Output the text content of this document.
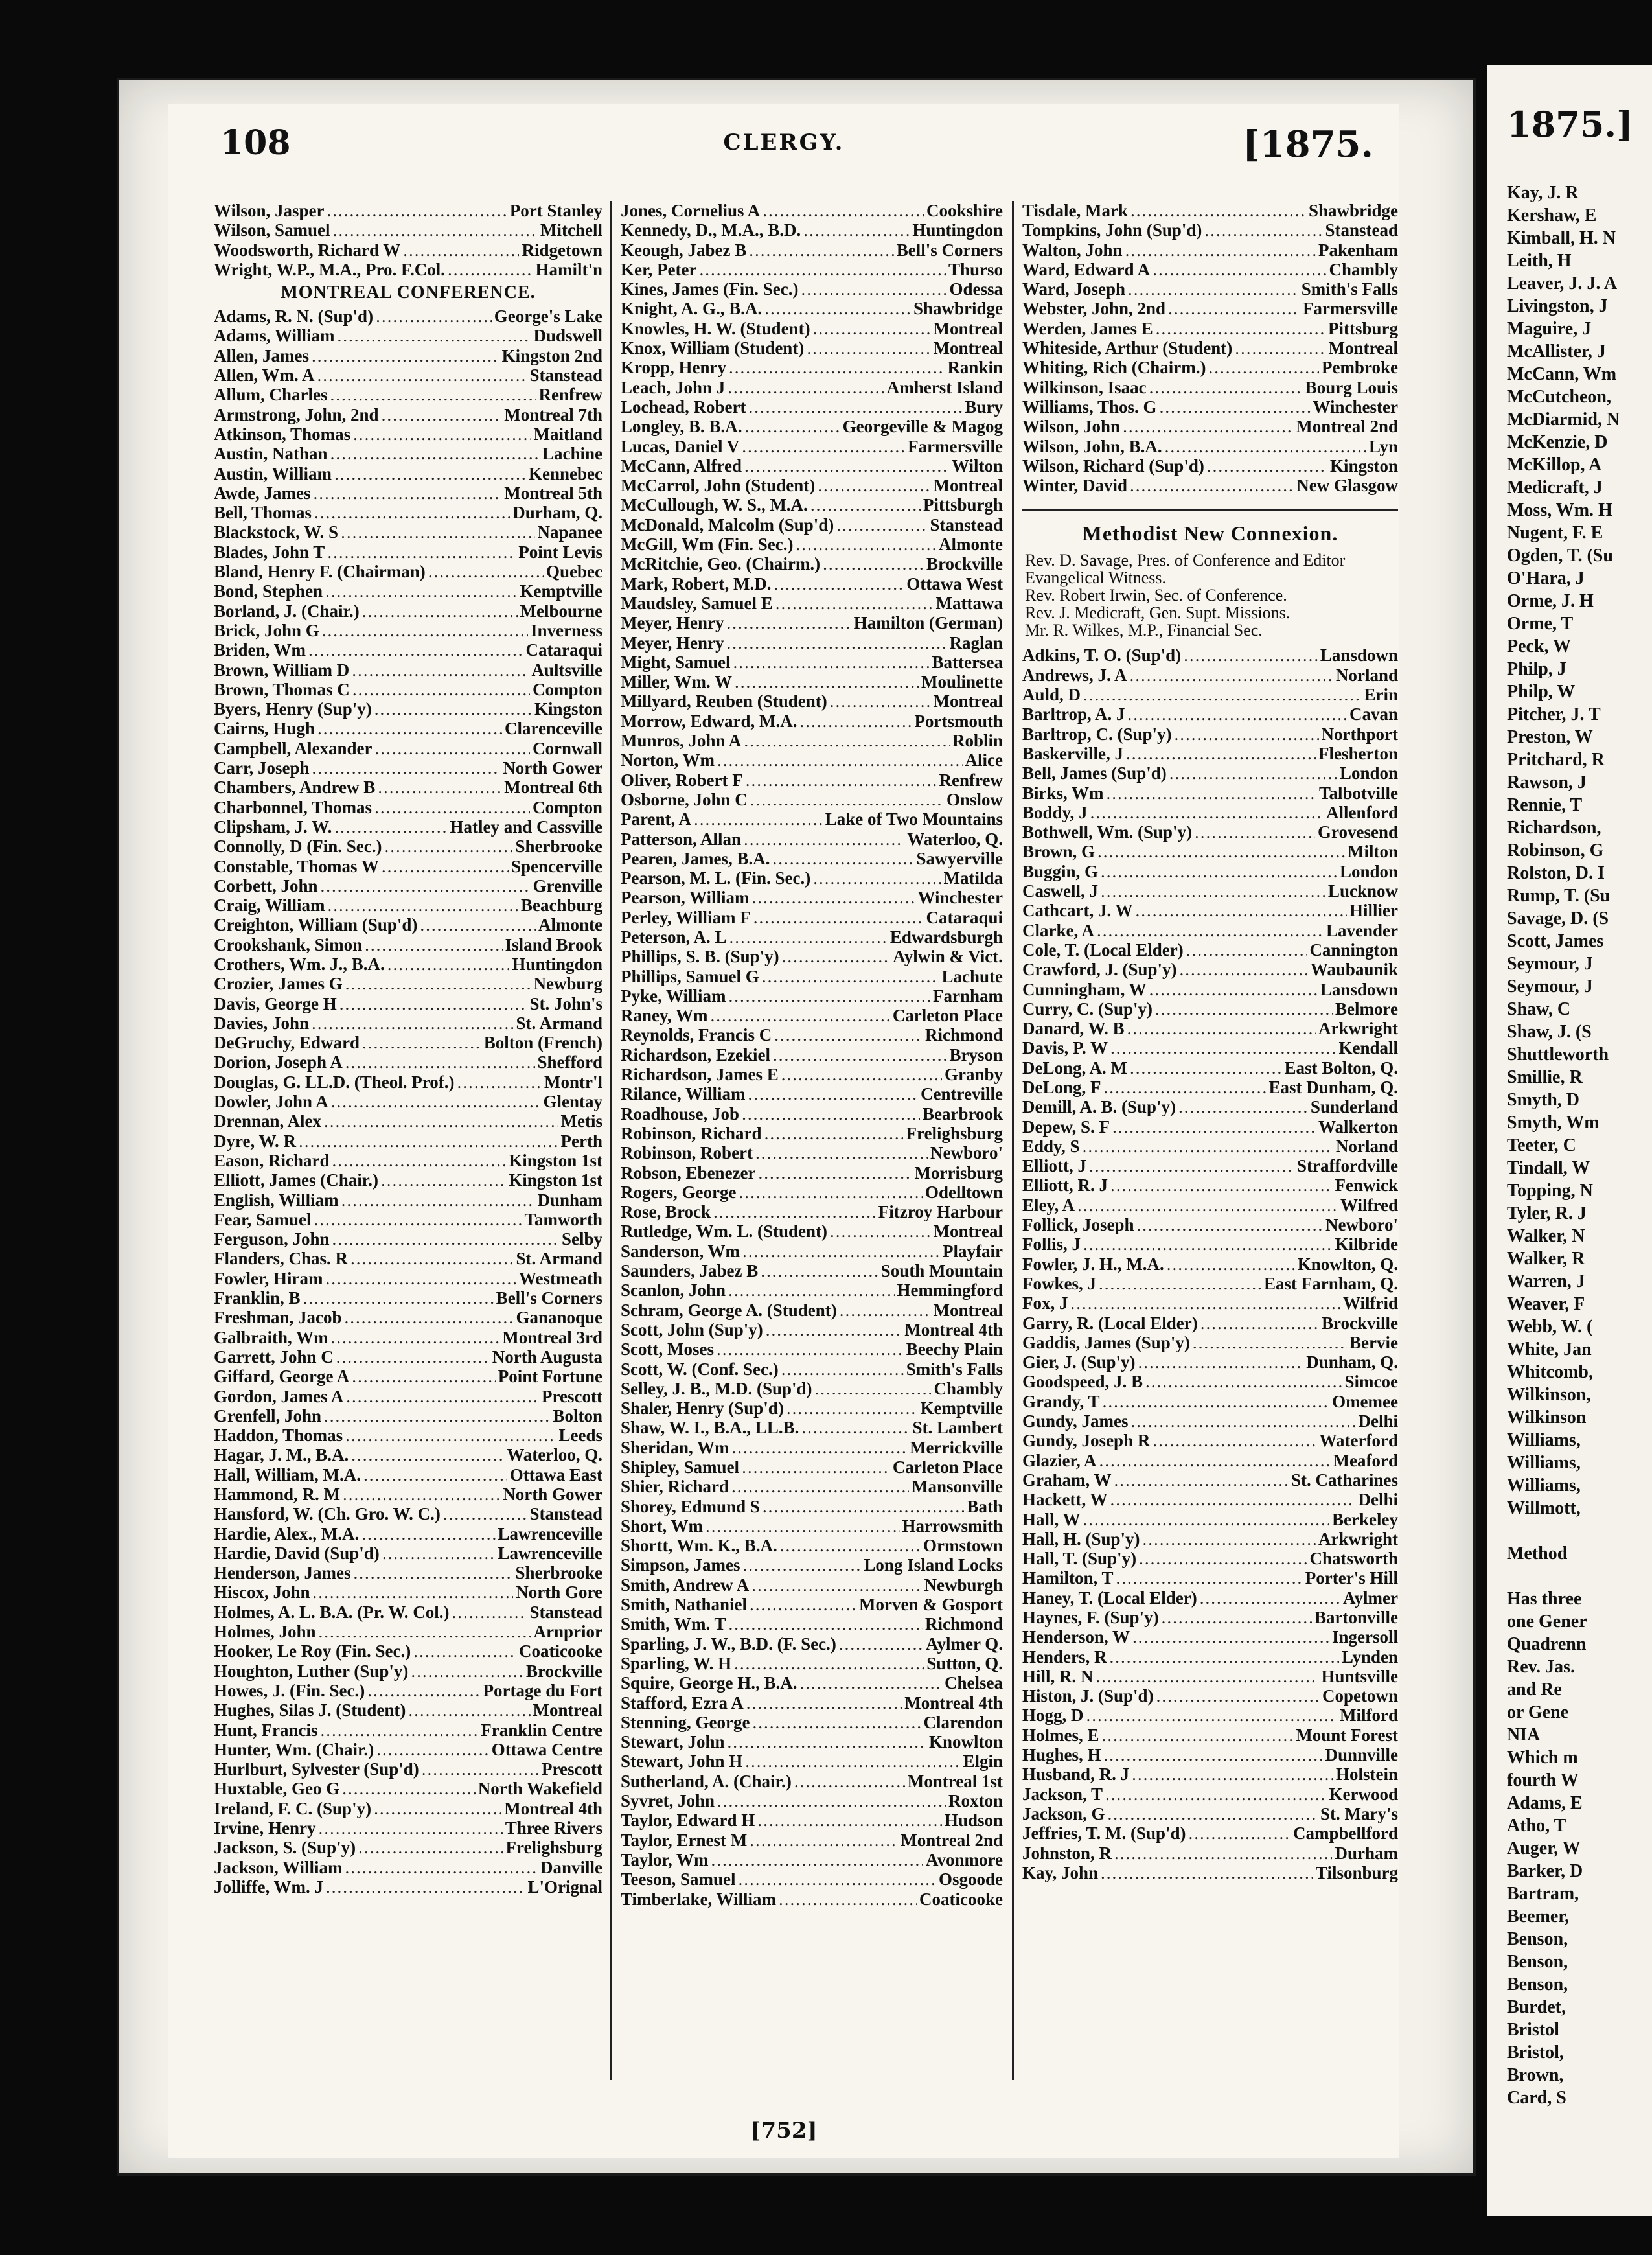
108	CLERGY.	[1875.
Wilson, Jasper .....	Port Stanley
Wilson, Samuel .....	Mitchell
Woodsworth, Richard W .....	Ridgetown
Wright, W.P., M.A., Pro. F.Col. .....	Hamilt'n
MONTREAL CONFERENCE.
Adams, R. N. (Sup'd) .....	George's Lake
Adams, William .....	Dudswell
Allen, James .....	Kingston 2nd
Allen, Wm. A .....	Stanstead
Allum, Charles .....	Renfrew
Armstrong, John, 2nd .....	Montreal 7th
Atkinson, Thomas .....	Maitland
Austin, Nathan .....	Lachine
Austin, William .....	Kennebec
Awde, James .....	Montreal 5th
Bell, Thomas .....	Durham, Q.
Blackstock, W. S .....	Napanee
Blades, John T .....	Point Levis
Bland, Henry F. (Chairman) .....	Quebec
Bond, Stephen .....	Kemptville
Borland, J. (Chair.) .....	Melbourne
Brick, John G .....	Inverness
Briden, Wm .....	Cataraqui
Brown, William D .....	Aultsville
Brown, Thomas C .....	Compton
Byers, Henry (Sup'y) .....	Kingston
Cairns, Hugh .....	Clarenceville
Campbell, Alexander .....	Cornwall
Carr, Joseph .....	North Gower
Chambers, Andrew B .....	Montreal 6th
Charbonnel, Thomas .....	Compton
Clipsham, J. W. .....	Hatley and Cassville
Connolly, D (Fin. Sec.) .....	Sherbrooke
Constable, Thomas W .....	Spencerville
Corbett, John .....	Grenville
Craig, William .....	Beachburg
Creighton, William (Sup'd) .....	Almonte
Crookshank, Simon .....	Island Brook
Crothers, Wm. J., B.A. .....	Huntingdon
Crozier, James G .....	Newburg
Davis, George H .....	St. John's
Davies, John .....	St. Armand
DeGruchy, Edward .....	Bolton (French)
Dorion, Joseph A .....	Shefford
Douglas, G. LL.D. (Theol. Prof.) .....	Montr'l
Dowler, John A .....	Glentay
Drennan, Alex .....	Metis
Dyre, W. R .....	Perth
Eason, Richard .....	Kingston 1st
Elliott, James (Chair.) .....	Kingston 1st
English, William .....	Dunham
Fear, Samuel .....	Tamworth
Ferguson, John .....	Selby
Flanders, Chas. R .....	St. Armand
Fowler, Hiram .....	Westmeath
Franklin, B .....	Bell's Corners
Freshman, Jacob .....	Gananoque
Galbraith, Wm .....	Montreal 3rd
Garrett, John C .....	North Augusta
Giffard, George A .....	Point Fortune
Gordon, James A .....	Prescott
Grenfell, John .....	Bolton
Haddon, Thomas .....	Leeds
Hagar, J. M., B.A. .....	Waterloo, Q.
Hall, William, M.A. .....	Ottawa East
Hammond, R. M .....	North Gower
Hansford, W. (Ch. Gro. W. C.) .....	Stanstead
Hardie, Alex., M.A. .....	Lawrenceville
Hardie, David (Sup'd) .....	Lawrenceville
Henderson, James .....	Sherbrooke
Hiscox, John .....	North Gore
Holmes, A. L. B.A. (Pr. W. Col.) .....	Stanstead
Holmes, John .....	Arnprior
Hooker, Le Roy (Fin. Sec.) .....	Coaticooke
Houghton, Luther (Sup'y) .....	Brockville
Howes, J. (Fin. Sec.) .....	Portage du Fort
Hughes, Silas J. (Student) .....	Montreal
Hunt, Francis .....	Franklin Centre
Hunter, Wm. (Chair.) .....	Ottawa Centre
Hurlburt, Sylvester (Sup'd) .....	Prescott
Huxtable, Geo G .....	North Wakefield
Ireland, F. C. (Sup'y) .....	Montreal 4th
Irvine, Henry .....	Three Rivers
Jackson, S. (Sup'y) .....	Frelighsburg
Jackson, William .....	Danville
Jolliffe, Wm. J .....	L'Orignal
Jones, Cornelius A .....	Cookshire
Kennedy, D., M.A., B.D. .....	Huntingdon
Keough, Jabez B .....	Bell's Corners
Ker, Peter .....	Thurso
Kines, James (Fin. Sec.) .....	Odessa
Knight, A. G., B.A. .....	Shawbridge
Knowles, H. W. (Student) .....	Montreal
Knox, William (Student) .....	Montreal
Kropp, Henry .....	Rankin
Leach, John J .....	Amherst Island
Lochead, Robert .....	Bury
Longley, B. B.A. .....	Georgeville & Magog
Lucas, Daniel V .....	Farmersville
McCann, Alfred .....	Wilton
McCarrol, John (Student) .....	Montreal
McCullough, W. S., M.A. .....	Pittsburgh
McDonald, Malcolm (Sup'd) .....	Stanstead
McGill, Wm (Fin. Sec.) .....	Almonte
McRitchie, Geo. (Chairm.) .....	Brockville
Mark, Robert, M.D. .....	Ottawa West
Maudsley, Samuel E .....	Mattawa
Meyer, Henry .....	Hamilton (German)
Meyer, Henry .....	Raglan
Might, Samuel .....	Battersea
Miller, Wm. W .....	Moulinette
Millyard, Reuben (Student) .....	Montreal
Morrow, Edward, M.A. .....	Portsmouth
Munros, John A .....	Roblin
Norton, Wm .....	Alice
Oliver, Robert F .....	Renfrew
Osborne, John C .....	Onslow
Parent, A .....	Lake of Two Mountains
Patterson, Allan .....	Waterloo, Q.
Pearen, James, B.A. .....	Sawyerville
Pearson, M. L. (Fin. Sec.) .....	Matilda
Pearson, William .....	Winchester
Perley, William F .....	Cataraqui
Peterson, A. L .....	Edwardsburgh
Phillips, S. B. (Sup'y) .....	Aylwin & Vict.
Phillips, Samuel G .....	Lachute
Pyke, William .....	Farnham
Raney, Wm .....	Carleton Place
Reynolds, Francis C .....	Richmond
Richardson, Ezekiel .....	Bryson
Richardson, James E .....	Granby
Rilance, William .....	Centreville
Roadhouse, Job .....	Bearbrook
Robinson, Richard .....	Frelighsburg
Robinson, Robert .....	Newboro'
Robson, Ebenezer .....	Morrisburg
Rogers, George .....	Odelltown
Rose, Brock .....	Fitzroy Harbour
Rutledge, Wm. L. (Student) .....	Montreal
Sanderson, Wm .....	Playfair
Saunders, Jabez B .....	South Mountain
Scanlon, John .....	Hemmingford
Schram, George A. (Student) .....	Montreal
Scott, John (Sup'y) .....	Montreal 4th
Scott, Moses .....	Beechy Plain
Scott, W. (Conf. Sec.) .....	Smith's Falls
Selley, J. B., M.D. (Sup'd) .....	Chambly
Shaler, Henry (Sup'd) .....	Kemptville
Shaw, W. I., B.A., LL.B. .....	St. Lambert
Sheridan, Wm .....	Merrickville
Shipley, Samuel .....	Carleton Place
Shier, Richard .....	Mansonville
Shorey, Edmund S .....	Bath
Short, Wm .....	Harrowsmith
Shortt, Wm. K., B.A. .....	Ormstown
Simpson, James .....	Long Island Locks
Smith, Andrew A .....	Newburgh
Smith, Nathaniel .....	Morven & Gosport
Smith, Wm. T .....	Richmond
Sparling, J. W., B.D. (F. Sec.) .....	Aylmer Q.
Sparling, W. H .....	Sutton, Q.
Squire, George H., B.A. .....	Chelsea
Stafford, Ezra A .....	Montreal 4th
Stenning, George .....	Clarendon
Stewart, John .....	Knowlton
Stewart, John H .....	Elgin
Sutherland, A. (Chair.) .....	Montreal 1st
Syvret, John .....	Roxton
Taylor, Edward H .....	Hudson
Taylor, Ernest M .....	Montreal 2nd
Taylor, Wm .....	Avonmore
Teeson, Samuel .....	Osgoode
Timberlake, William .....	Coaticooke
Tisdale, Mark .....	Shawbridge
Tompkins, John (Sup'd) .....	Stanstead
Walton, John .....	Pakenham
Ward, Edward A .....	Chambly
Ward, Joseph .....	Smith's Falls
Webster, John, 2nd .....	Farmersville
Werden, James E .....	Pittsburg
Whiteside, Arthur (Student) .....	Montreal
Whiting, Rich (Chairm.) .....	Pembroke
Wilkinson, Isaac .....	Bourg Louis
Williams, Thos. G .....	Winchester
Wilson, John .....	Montreal 2nd
Wilson, John, B.A. .....	Lyn
Wilson, Richard (Sup'd) .....	Kingston
Winter, David .....	New Glasgow
Methodist New Connexion.
Rev. D. Savage, Pres. of Conference and Editor Evangelical Witness.
Rev. Robert Irwin, Sec. of Conference.
Rev. J. Medicraft, Gen. Supt. Missions.
Mr. R. Wilkes, M.P., Financial Sec.
Adkins, T. O. (Sup'd) .....	Lansdown
Andrews, J. A .....	Norland
Auld, D .....	Erin
Barltrop, A. J .....	Cavan
Barltrop, C. (Sup'y) .....	Northport
Baskerville, J .....	Flesherton
Bell, James (Sup'd) .....	London
Birks, Wm .....	Talbotville
Boddy, J .....	Allenford
Bothwell, Wm. (Sup'y) .....	Grovesend
Brown, G .....	Milton
Buggin, G .....	London
Caswell, J .....	Lucknow
Cathcart, J. W .....	Hillier
Clarke, A .....	Lavender
Cole, T. (Local Elder) .....	Cannington
Crawford, J. (Sup'y) .....	Waubaunik
Cunningham, W .....	Lansdown
Curry, C. (Sup'y) .....	Belmore
Danard, W. B .....	Arkwright
Davis, P. W .....	Kendall
DeLong, A. M .....	East Bolton, Q.
DeLong, F .....	East Dunham, Q.
Demill, A. B. (Sup'y) .....	Sunderland
Depew, S. F .....	Walkerton
Eddy, S .....	Norland
Elliott, J .....	Straffordville
Elliott, R. J .....	Fenwick
Eley, A .....	Wilfred
Follick, Joseph .....	Newboro'
Follis, J .....	Kilbride
Fowler, J. H., M.A. .....	Knowlton, Q.
Fowkes, J .....	East Farnham, Q.
Fox, J .....	Wilfrid
Garry, R. (Local Elder) .....	Brockville
Gaddis, James (Sup'y) .....	Bervie
Gier, J. (Sup'y) .....	Dunham, Q.
Goodspeed, J. B .....	Simcoe
Grandy, T .....	Omemee
Gundy, James .....	Delhi
Gundy, Joseph R .....	Waterford
Glazier, A .....	Meaford
Graham, W .....	St. Catharines
Hackett, W .....	Delhi
Hall, W .....	Berkeley
Hall, H. (Sup'y) .....	Arkwright
Hall, T. (Sup'y) .....	Chatsworth
Hamilton, T .....	Porter's Hill
Haney, T. (Local Elder) .....	Aylmer
Haynes, F. (Sup'y) .....	Bartonville
Henderson, W .....	Ingersoll
Henders, R .....	Lynden
Hill, R. N .....	Huntsville
Histon, J. (Sup'd) .....	Copetown
Hogg, D .....	Milford
Holmes, E .....	Mount Forest
Hughes, H .....	Dunnville
Husband, R. J .....	Holstein
Jackson, T .....	Kerwood
Jackson, G .....	St. Mary's
Jeffries, T. M. (Sup'd) .....	Campbellford
Johnston, R .....	Durham
Kay, John .....	Tilsonburg
[752]
1875.]
Kay, J. R
Kershaw, E
Kimball, H. N
Leith, H
Leaver, J. J. A
Livingston, J
Maguire, J
McAllister, J
McCann, Wm
McCutcheon,
McDiarmid, N
McKenzie, D
McKillop, A
Medicraft, J
Moss, Wm. H
Nugent, F. E
Ogden, T. (Su
O'Hara, J
Orme, J. H
Orme, T
Peck, W
Philp, J
Philp, W
Pitcher, J. T
Preston, W
Pritchard, R
Rawson, J
Rennie, T
Richardson,
Robinson, G
Rolston, D. I
Rump, T. (Su
Savage, D. (S
Scott, James
Seymour, J
Seymour, J
Shaw, C
Shaw, J. (S
Shuttleworth
Smillie, R
Smyth, D
Smyth, Wm
Teeter, C
Tindall, W
Topping, N
Tyler, R. J
Walker, N
Walker, R
Warren, J
Weaver, F
Webb, W. (
White, Jan
Whitcomb,
Wilkinson,
Wilkinson
Williams,
Williams,
Williams,
Willmott,
Method
Has three
one Gener
Quadrenn
Rev. Jas.
and Re
or Gene
NIA
Which m
fourth W
Adams, E
Atho, T
Auger, W
Barker, D
Bartram,
Beemer,
Benson,
Benson,
Benson,
Burdet,
Bristol
Bristol,
Brown,
Card, S
